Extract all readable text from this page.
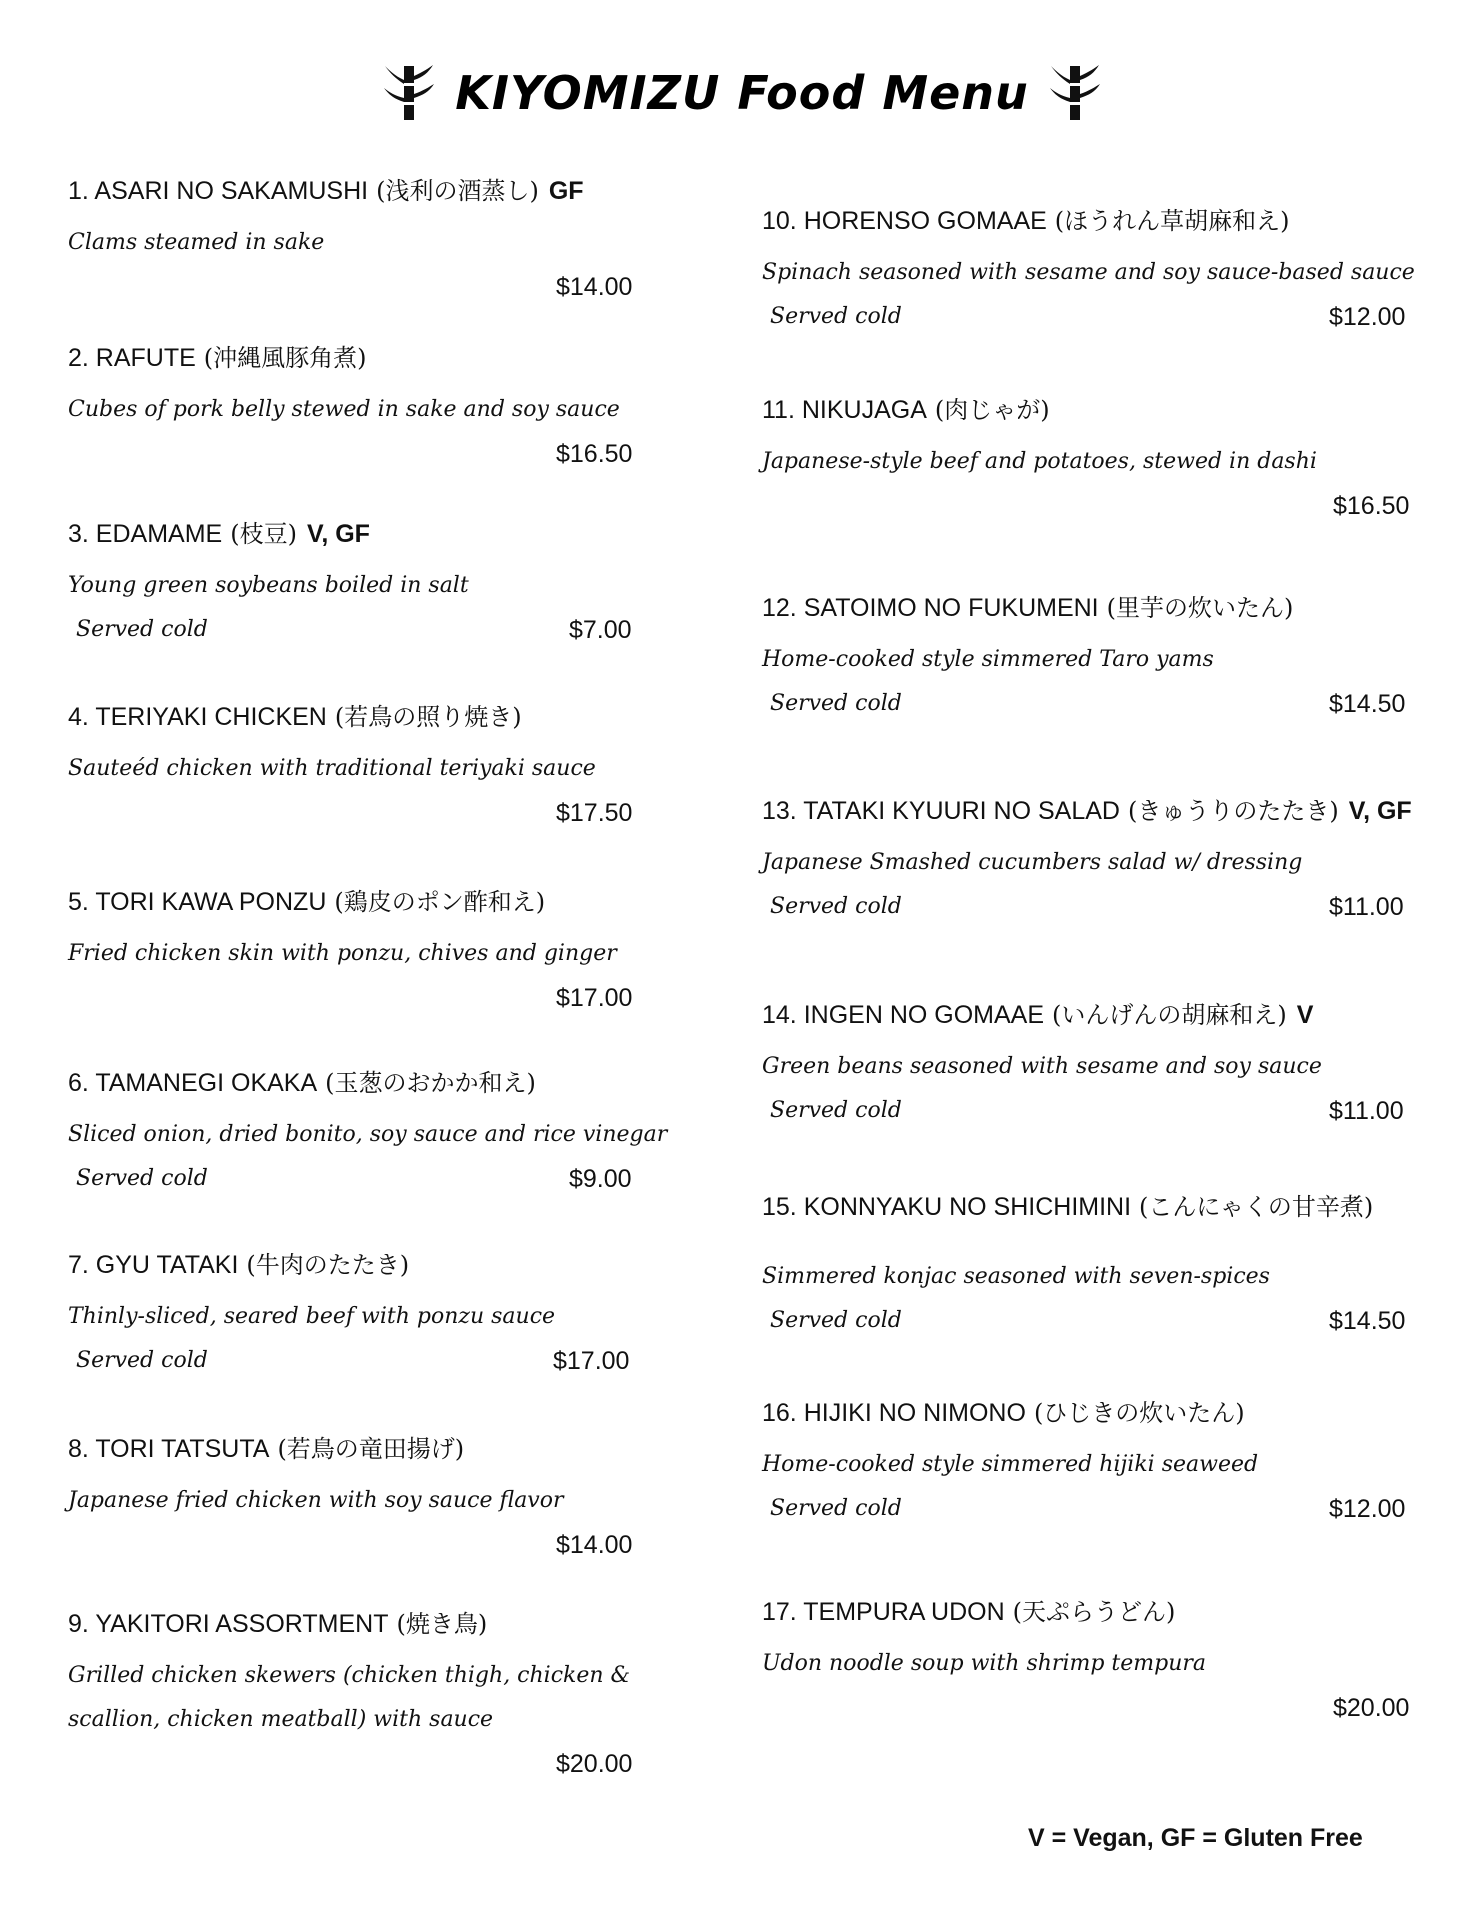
KIYOMIZU Food Menu
1. ASARI NO SAKAMUSHI (浅利の酒蒸し) GF
Clams steamed in sake
$14.00
2. RAFUTE (沖縄風豚角煮)
Cubes of pork belly stewed in sake and soy sauce
$16.50
3. EDAMAME (枝豆) V, GF
Young green soybeans boiled in salt
Served cold	$7.00
4. TERIYAKI CHICKEN (若鳥の照り焼き)
Sauteéd chicken with traditional teriyaki sauce
$17.50
5. TORI KAWA PONZU (鶏皮のポン酢和え)
Fried chicken skin with ponzu, chives and ginger
$17.00
6. TAMANEGI OKAKA (玉葱のおかか和え)
Sliced onion, dried bonito, soy sauce and rice vinegar
Served cold	$9.00
7. GYU TATAKI (牛肉のたたき)
Thinly-sliced, seared beef with ponzu sauce
Served cold	$17.00
8. TORI TATSUTA (若鳥の竜田揚げ)
Japanese fried chicken with soy sauce flavor
$14.00
9. YAKITORI ASSORTMENT (焼き鳥)
Grilled chicken skewers (chicken thigh, chicken &
scallion, chicken meatball) with sauce
$20.00
10. HORENSO GOMAAE (ほうれん草胡麻和え)
Spinach seasoned with sesame and soy sauce-based sauce
Served cold	$12.00
11. NIKUJAGA (肉じゃが)
Japanese-style beef and potatoes, stewed in dashi
$16.50
12. SATOIMO NO FUKUMENI (里芋の炊いたん)
Home-cooked style simmered Taro yams
Served cold	$14.50
13. TATAKI KYUURI NO SALAD (きゅうりのたたき) V, GF
Japanese Smashed cucumbers salad w/ dressing
Served cold	$11.00
14. INGEN NO GOMAAE (いんげんの胡麻和え) V
Green beans seasoned with sesame and soy sauce
Served cold	$11.00
15. KONNYAKU NO SHICHIMINI (こんにゃくの甘辛煮)
Simmered konjac seasoned with seven-spices
Served cold	$14.50
16. HIJIKI NO NIMONO (ひじきの炊いたん)
Home-cooked style simmered hijiki seaweed
Served cold	$12.00
17. TEMPURA UDON (天ぷらうどん)
Udon noodle soup with shrimp tempura
$20.00
V = Vegan, GF = Gluten Free
